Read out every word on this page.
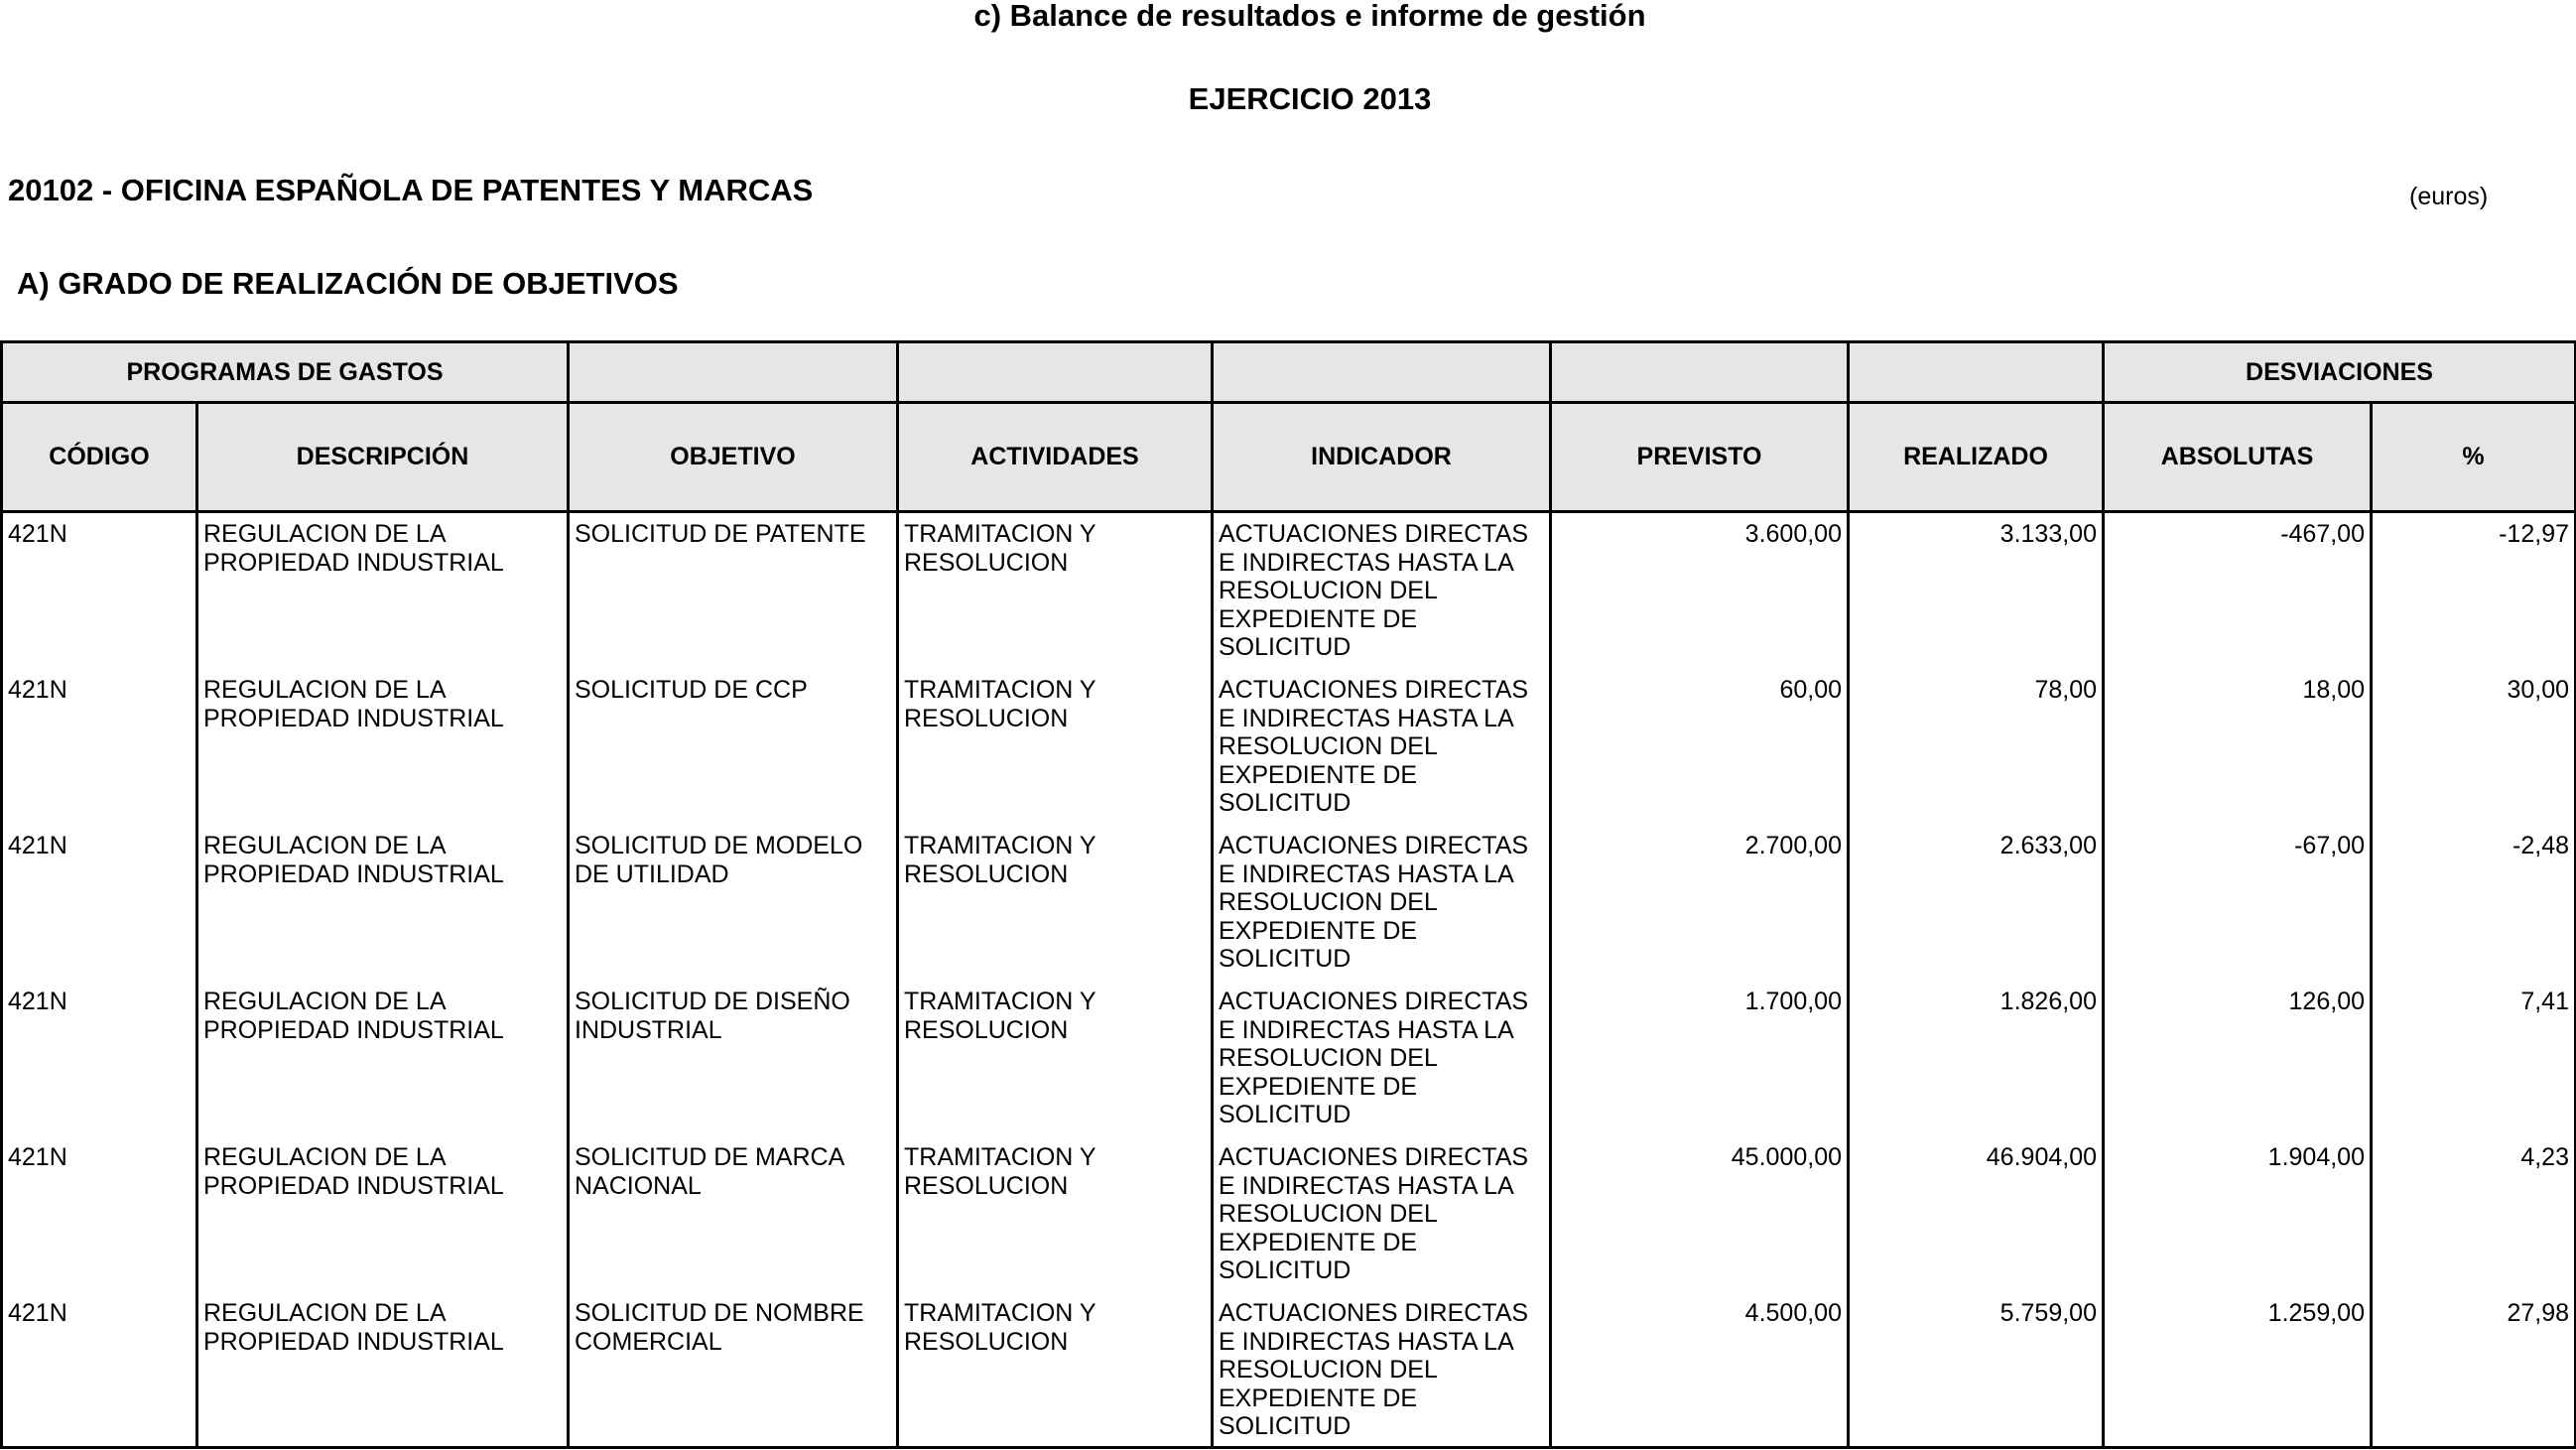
c) Balance de resultados e informe de gestión
EJERCICIO 2013
20102 - OFICINA ESPAÑOLA DE PATENTES Y MARCAS	(euros)
A) GRADO DE REALIZACIÓN DE OBJETIVOS
PROGRAMAS DE GASTOS							DESVIACIONES	
CÓDIGO	DESCRIPCIÓN	OBJETIVO	ACTIVIDADES	INDICADOR	PREVISTO	REALIZADO	ABSOLUTAS	%
421N	REGULACION DE LA PROPIEDAD INDUSTRIAL	SOLICITUD DE PATENTE	TRAMITACION Y RESOLUCION	ACTUACIONES DIRECTAS E INDIRECTAS HASTA LA RESOLUCION DEL EXPEDIENTE DE SOLICITUD	3.600,00	3.133,00	-467,00	-12,97
421N	REGULACION DE LA PROPIEDAD INDUSTRIAL	SOLICITUD DE CCP	TRAMITACION Y RESOLUCION	ACTUACIONES DIRECTAS E INDIRECTAS HASTA LA RESOLUCION DEL EXPEDIENTE DE SOLICITUD	60,00	78,00	18,00	30,00
421N	REGULACION DE LA PROPIEDAD INDUSTRIAL	SOLICITUD DE MODELO DE UTILIDAD	TRAMITACION Y RESOLUCION	ACTUACIONES DIRECTAS E INDIRECTAS HASTA LA RESOLUCION DEL EXPEDIENTE DE SOLICITUD	2.700,00	2.633,00	-67,00	-2,48
421N	REGULACION DE LA PROPIEDAD INDUSTRIAL	SOLICITUD DE DISEÑO INDUSTRIAL	TRAMITACION Y RESOLUCION	ACTUACIONES DIRECTAS E INDIRECTAS HASTA LA RESOLUCION DEL EXPEDIENTE DE SOLICITUD	1.700,00	1.826,00	126,00	7,41
421N	REGULACION DE LA PROPIEDAD INDUSTRIAL	SOLICITUD DE MARCA NACIONAL	TRAMITACION Y RESOLUCION	ACTUACIONES DIRECTAS E INDIRECTAS HASTA LA RESOLUCION DEL EXPEDIENTE DE SOLICITUD	45.000,00	46.904,00	1.904,00	4,23
421N	REGULACION DE LA PROPIEDAD INDUSTRIAL	SOLICITUD DE NOMBRE COMERCIAL	TRAMITACION Y RESOLUCION	ACTUACIONES DIRECTAS E INDIRECTAS HASTA LA RESOLUCION DEL EXPEDIENTE DE SOLICITUD	4.500,00	5.759,00	1.259,00	27,98
